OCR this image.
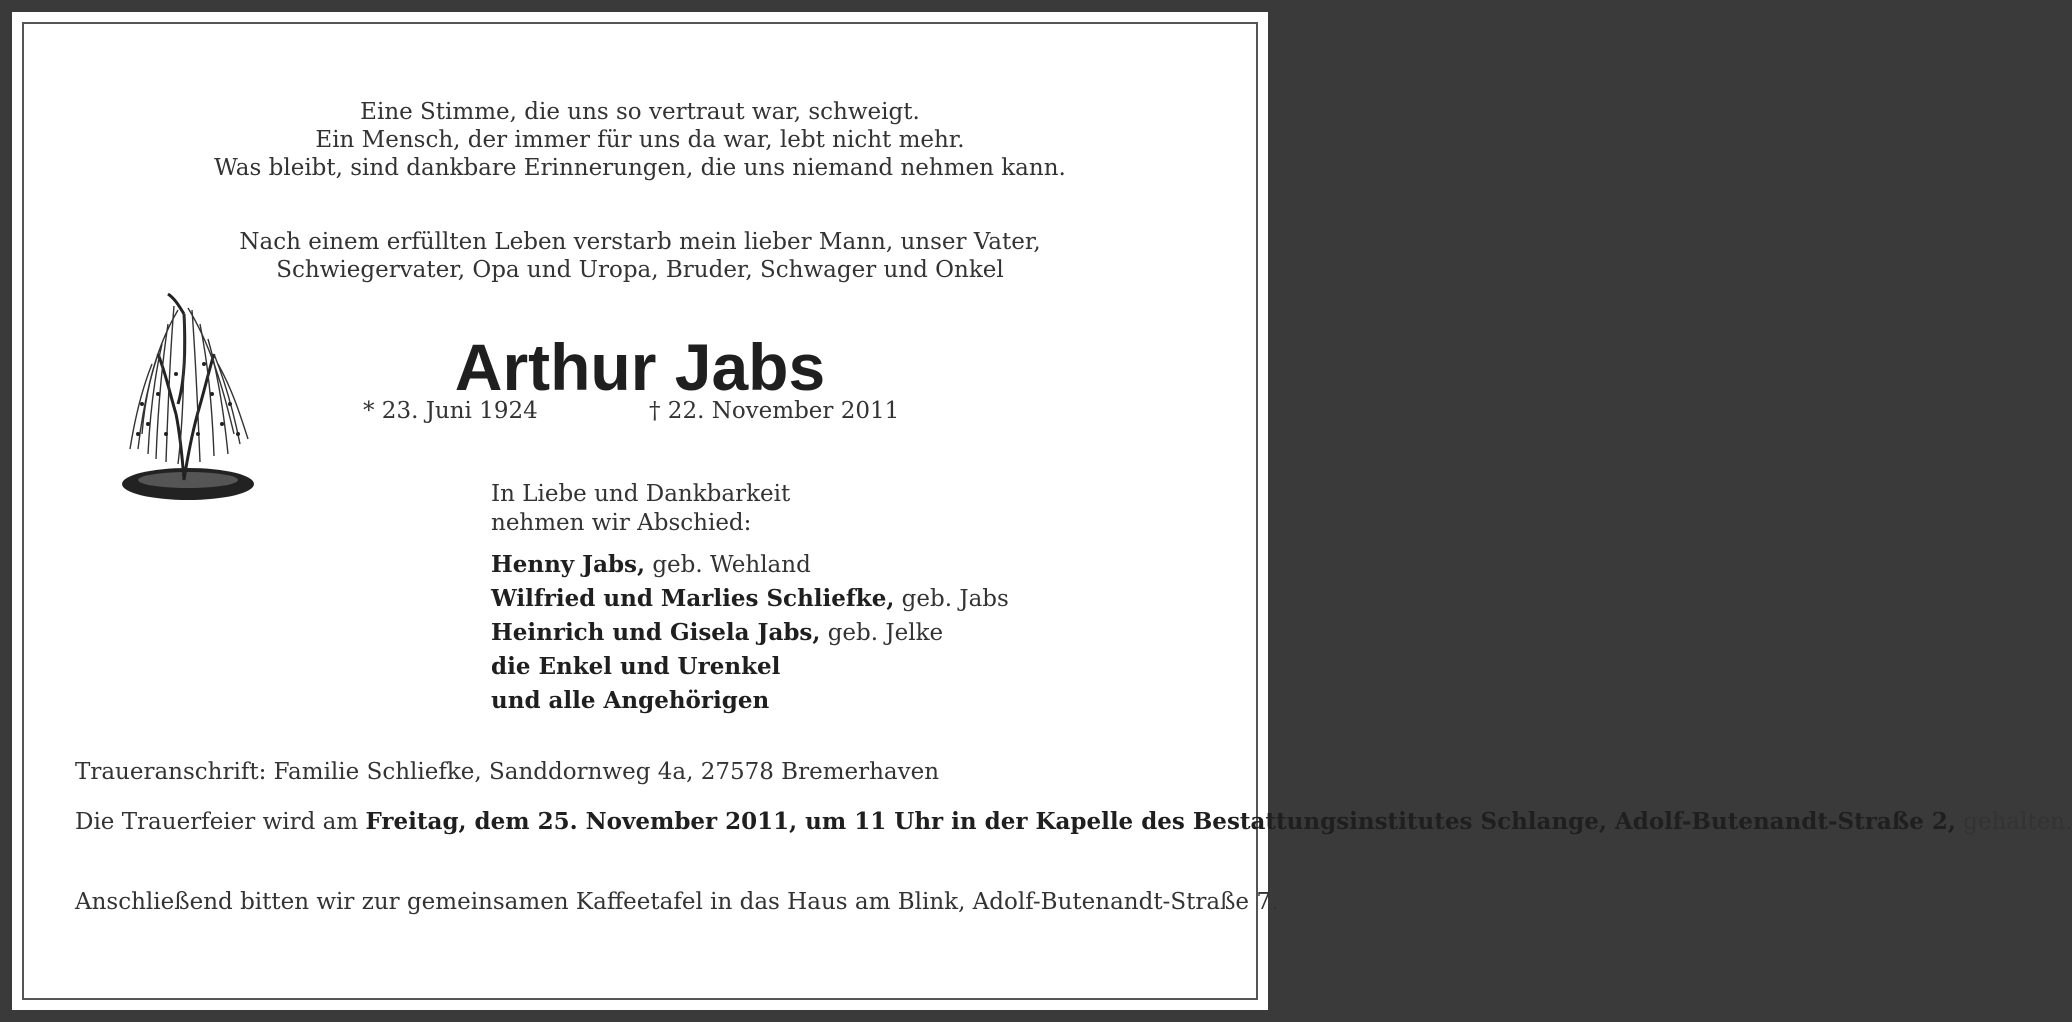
Eine Stimme, die uns so vertraut war, schweigt.
Ein Mensch, der immer für uns da war, lebt nicht mehr.
Was bleibt, sind dankbare Erinnerungen, die uns niemand nehmen kann.
Nach einem erfüllten Leben verstarb mein lieber Mann, unser Vater,
Schwiegervater, Opa und Uropa, Bruder, Schwager und Onkel
Arthur Jabs
* 23. Juni 1924	† 22. November 2011
In Liebe und Dankbarkeit
nehmen wir Abschied:
Henny Jabs, geb. Wehland
Wilfried und Marlies Schliefke, geb. Jabs
Heinrich und Gisela Jabs, geb. Jelke
die Enkel und Urenkel
und alle Angehörigen
Traueranschrift: Familie Schliefke, Sanddornweg 4a, 27578 Bremerhaven
Die Trauerfeier wird am Freitag, dem 25. November 2011, um 11 Uhr in der Kapelle des Bestattungsinstitutes Schlange, Adolf-Butenandt-Straße 2, gehalten.
Anschließend bitten wir zur gemeinsamen Kaffeetafel in das Haus am Blink, Adolf-Butenandt-Straße 7.
